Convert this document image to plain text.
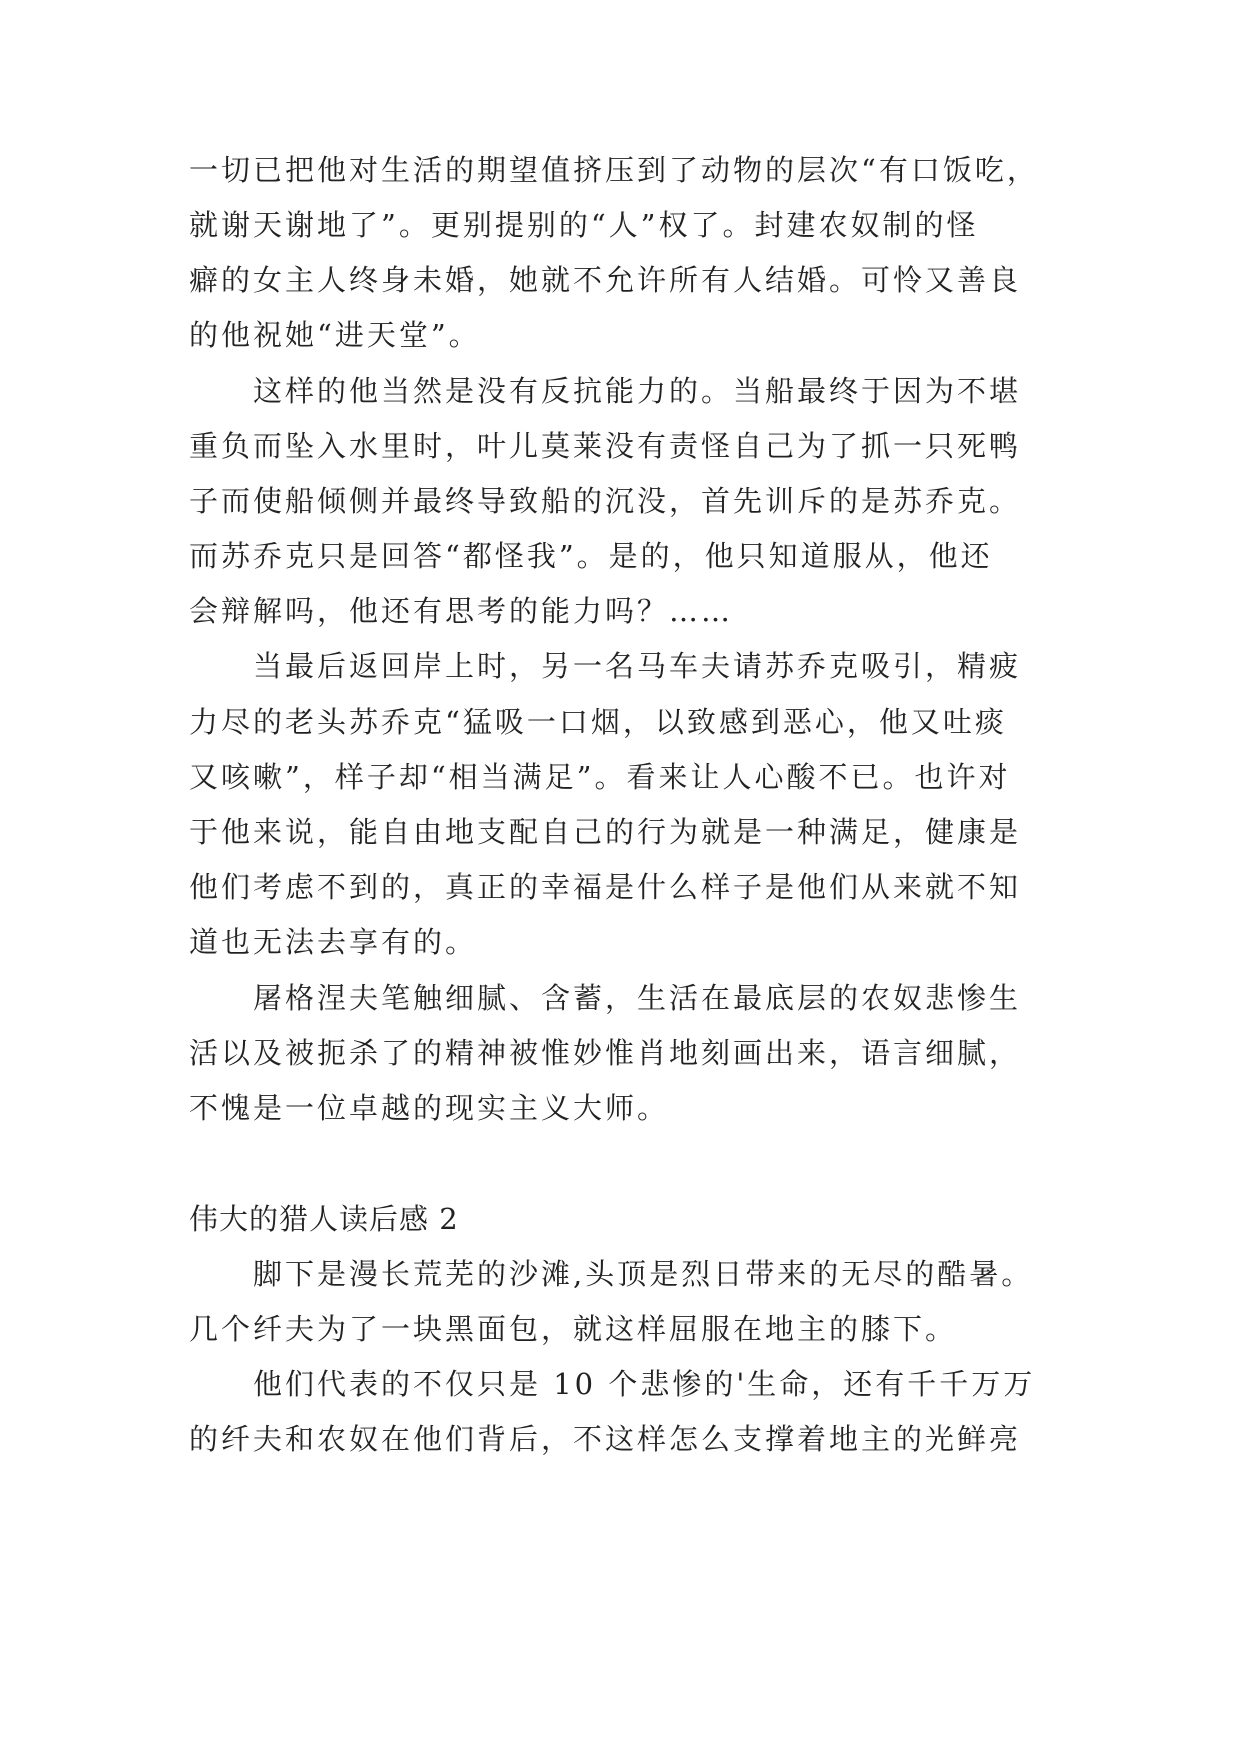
一切已把他对生活的期望值挤压到了动物的层次“有口饭吃，
就谢天谢地了”。更别提别的“人”权了。封建农奴制的怪
癖的女主人终身未婚，她就不允许所有人结婚。可怜又善良
的他祝她“进天堂”。
这样的他当然是没有反抗能力的。当船最终于因为不堪
重负而坠入水里时，叶儿莫莱没有责怪自己为了抓一只死鸭
子而使船倾侧并最终导致船的沉没，首先训斥的是苏乔克。
而苏乔克只是回答“都怪我”。是的，他只知道服从，他还
会辩解吗，他还有思考的能力吗？……
当最后返回岸上时，另一名马车夫请苏乔克吸引，精疲
力尽的老头苏乔克“猛吸一口烟，以致感到恶心，他又吐痰
又咳嗽”，样子却“相当满足”。看来让人心酸不已。也许对
于他来说，能自由地支配自己的行为就是一种满足，健康是
他们考虑不到的，真正的幸福是什么样子是他们从来就不知
道也无法去享有的。
屠格涅夫笔触细腻、含蓄，生活在最底层的农奴悲惨生
活以及被扼杀了的精神被惟妙惟肖地刻画出来，语言细腻，
不愧是一位卓越的现实主义大师。
伟大的猎人读后感 2
脚下是漫长荒芜的沙滩,头顶是烈日带来的无尽的酷暑。
几个纤夫为了一块黑面包，就这样屈服在地主的膝下。
他们代表的不仅只是 10 个悲惨的'生命，还有千千万万
的纤夫和农奴在他们背后，不这样怎么支撑着地主的光鲜亮
